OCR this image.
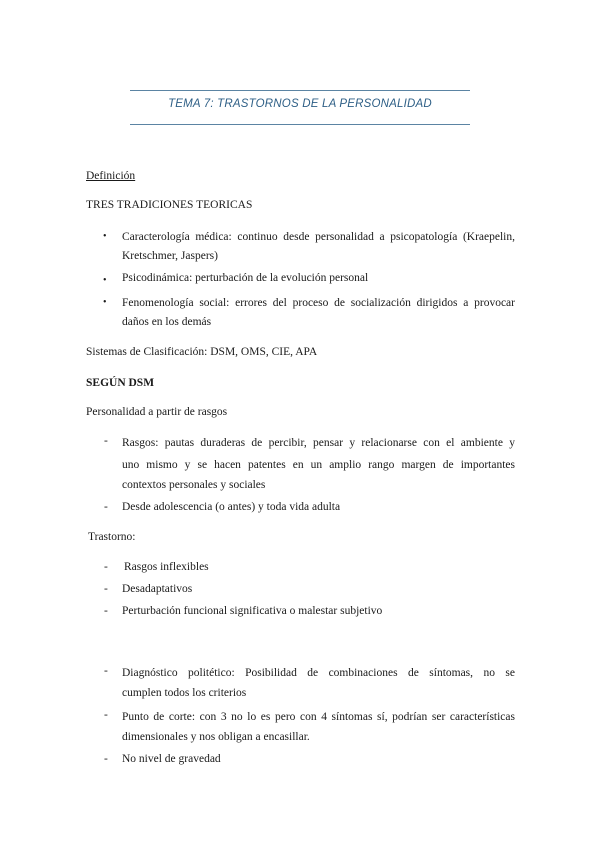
TEMA 7: TRASTORNOS DE LA PERSONALIDAD
Definición
TRES TRADICIONES TEORICAS
• Caracterología médica: continuo desde personalidad a psicopatología (Kraepelin,
Kretschmer, Jaspers)
• Psicodinámica: perturbación de la evolución personal
• Fenomenología social: errores del proceso de socialización dirigidos a provocar
daños en los demás
Sistemas de Clasificación: DSM, OMS, CIE, APA
SEGÚN DSM
Personalidad a partir de rasgos
- Rasgos: pautas duraderas de percibir, pensar y relacionarse con el ambiente y
uno mismo y se hacen patentes en un amplio rango margen de importantes
contextos personales y sociales
- Desde adolescencia (o antes) y toda vida adulta
Trastorno:
- Rasgos inflexibles
- Desadaptativos
- Perturbación funcional significativa o malestar subjetivo
- Diagnóstico politético: Posibilidad de combinaciones de síntomas, no se
cumplen todos los criterios
- Punto de corte: con 3 no lo es pero con 4 síntomas sí, podrían ser características
dimensionales y nos obligan a encasillar.
- No nivel de gravedad
